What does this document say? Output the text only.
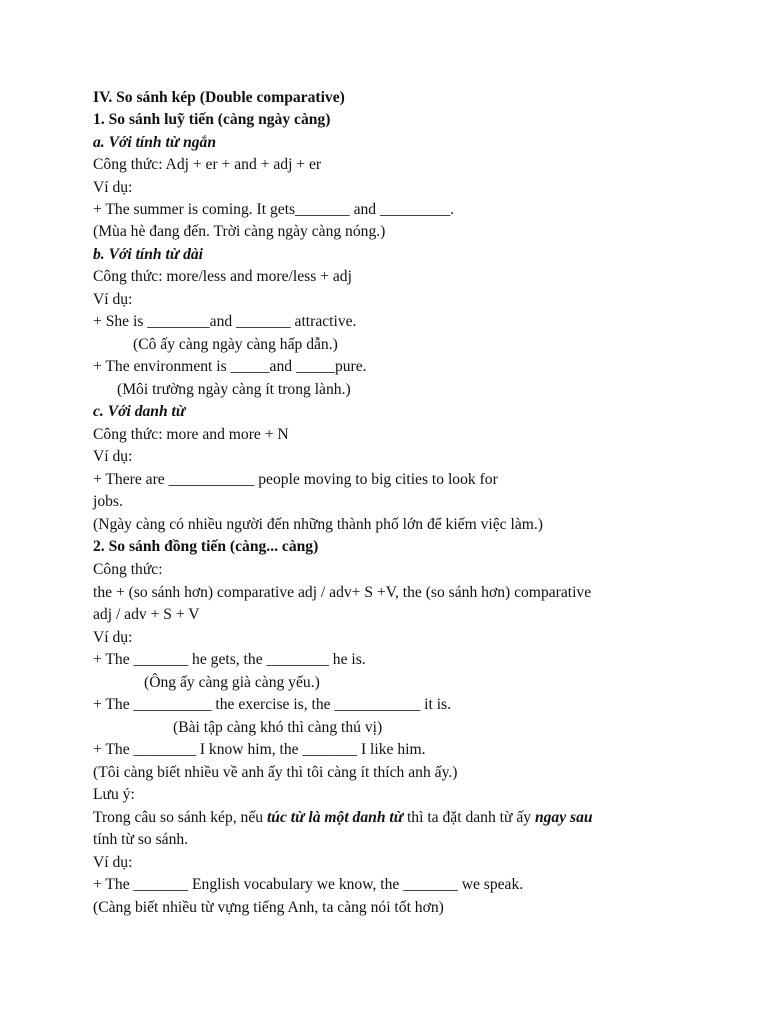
IV. So sánh kép (Double comparative)
1. So sánh luỹ tiến (càng ngày càng)
a. Với tính từ ngắn
Công thức: Adj + er + and + adj + er
Ví dụ:
+ The summer is coming. It gets_______ and _________.
(Mùa hè đang đến. Trời càng ngày càng nóng.)
b. Với tính từ dài
Công thức: more/less and more/less + adj
Ví dụ:
+ She is ________and _______ attractive.
(Cô ấy càng ngày càng hấp dẫn.)
+ The environment is _____and _____pure.
(Môi trường ngày càng ít trong lành.)
c. Với danh từ
Công thức: more and more + N
Ví dụ:
+ There are ___________ people moving to big cities to look for
jobs.
(Ngày càng có nhiều người đến những thành phố lớn để kiếm việc làm.)
2. So sánh đồng tiến (càng... càng)
Công thức:
the + (so sánh hơn) comparative adj / adv+ S +V, the (so sánh hơn) comparative
adj / adv + S + V
Ví dụ:
+ The _______ he gets, the ________ he is.
(Ông ấy càng già càng yếu.)
+ The __________ the exercise is, the ___________ it is.
(Bài tập càng khó thì càng thú vị)
+ The ________ I know him, the _______ I like him.
(Tôi càng biết nhiều về anh ấy thì tôi càng ít thích anh ấy.)
Lưu ý:
Trong câu so sánh kép, nếu túc từ là một danh từ thì ta đặt danh từ ấy ngay sau
tính từ so sánh.
Ví dụ:
+ The _______ English vocabulary we know, the _______ we speak.
(Càng biết nhiều từ vựng tiếng Anh, ta càng nói tốt hơn)
